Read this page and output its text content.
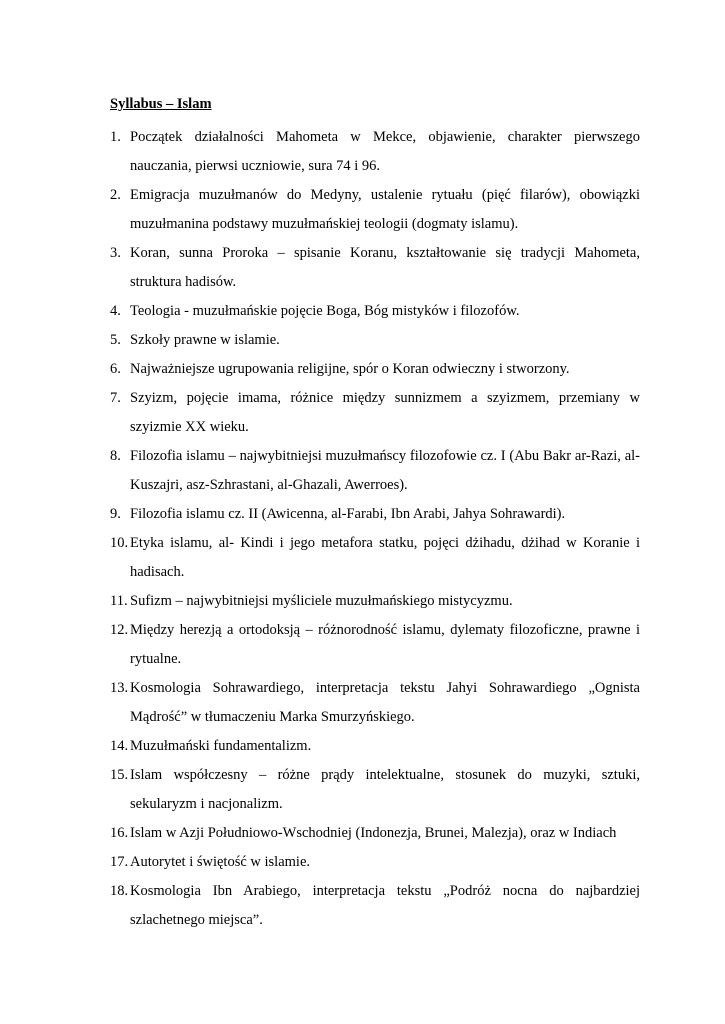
Syllabus – Islam
1. Początek działalności Mahometa w Mekce, objawienie, charakter pierwszego nauczania, pierwsi uczniowie, sura 74 i 96.
2. Emigracja muzułmanów do Medyny, ustalenie rytuału (pięć filarów), obowiązki muzułmanina podstawy muzułmańskiej teologii (dogmaty islamu).
3. Koran, sunna Proroka – spisanie Koranu, kształtowanie się tradycji Mahometa, struktura hadisów.
4. Teologia - muzułmańskie pojęcie Boga, Bóg mistyków i filozofów.
5. Szkoły prawne w islamie.
6. Najważniejsze ugrupowania religijne, spór o Koran odwieczny i stworzony.
7. Szyizm, pojęcie imama, różnice między sunnizmem a szyizmem, przemiany w szyizmie XX wieku.
8. Filozofia islamu – najwybitniejsi muzułmańscy filozofowie cz. I (Abu Bakr ar-Razi, al-Kuszajri, asz-Szhrastani, al-Ghazali, Awerroes).
9. Filozofia islamu cz. II (Awicenna, al-Farabi, Ibn Arabi, Jahya Sohrawardi).
10. Etyka islamu, al- Kindi i jego metafora statku, pojęci dżihadu, dżihad w Koranie i hadisach.
11. Sufizm – najwybitniejsi myśliciele muzułmańskiego mistycyzmu.
12. Między herezją a ortodoksją – różnorodność islamu, dylematy filozoficzne, prawne i rytualne.
13. Kosmologia Sohrawardiego, interpretacja tekstu Jahyi Sohrawardiego „Ognista Mądrość” w tłumaczeniu Marka Smurzyńskiego.
14. Muzułmański fundamentalizm.
15. Islam współczesny – różne prądy intelektualne, stosunek do muzyki, sztuki, sekularyzm i nacjonalizm.
16. Islam w Azji Południowo-Wschodniej (Indonezja, Brunei, Malezja), oraz w Indiach
17. Autorytet i świętość w islamie.
18. Kosmologia Ibn Arabiego, interpretacja tekstu „Podróż nocna do najbardziej szlachetnego miejsca”.
